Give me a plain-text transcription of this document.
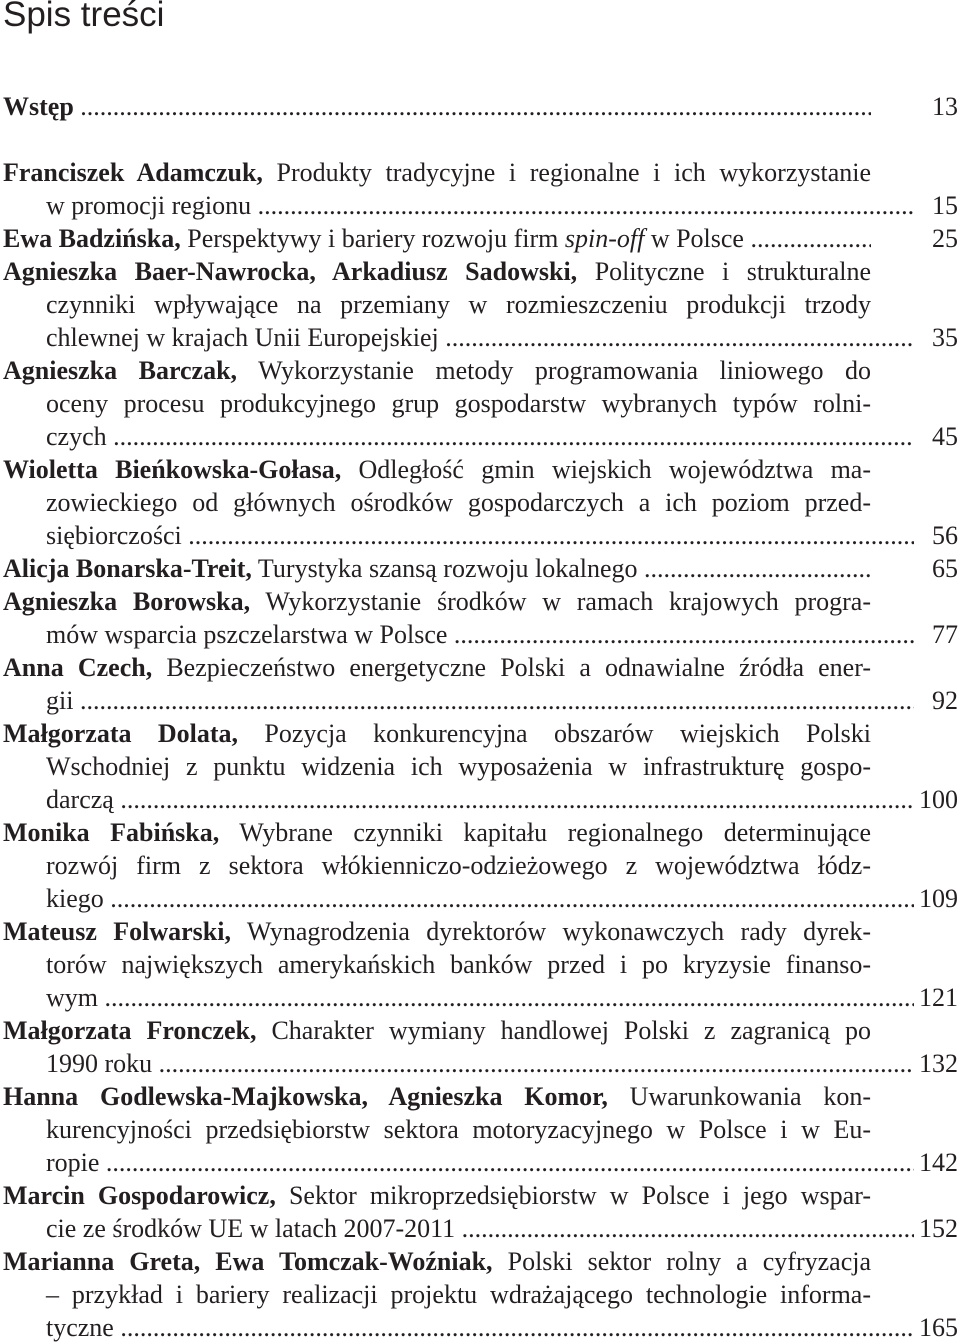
Spis treści
Wstęp .....	13
Franciszek Adamczuk, Produkty tradycyjne i regionalne i ich wykorzystanie
w promocji regionu .....	15
Ewa Badzińska, Perspektywy i bariery rozwoju firm spin-off w Polsce .....	25
Agnieszka Baer-Nawrocka, Arkadiusz Sadowski, Polityczne i strukturalne
czynniki wpływające na przemiany w rozmieszczeniu produkcji trzody
chlewnej w krajach Unii Europejskiej .....	35
Agnieszka Barczak, Wykorzystanie metody programowania liniowego do
oceny procesu produkcyjnego grup gospodarstw wybranych typów rolni-
czych .....	45
Wioletta Bieńkowska-Gołasa, Odległość gmin wiejskich województwa ma-
zowieckiego od głównych ośrodków gospodarczych a ich poziom przed-
siębiorczości .....	56
Alicja Bonarska-Treit, Turystyka szansą rozwoju lokalnego .....	65
Agnieszka Borowska, Wykorzystanie środków w ramach krajowych progra-
mów wsparcia pszczelarstwa w Polsce .....	77
Anna Czech, Bezpieczeństwo energetyczne Polski a odnawialne źródła ener-
gii .....	92
Małgorzata Dolata, Pozycja konkurencyjna obszarów wiejskich Polski
Wschodniej z punktu widzenia ich wyposażenia w infrastrukturę gospo-
darczą .....	100
Monika Fabińska, Wybrane czynniki kapitału regionalnego determinujące
rozwój firm z sektora włókienniczo-odzieżowego z województwa łódz-
kiego .....	109
Mateusz Folwarski, Wynagrodzenia dyrektorów wykonawczych rady dyrek-
torów największych amerykańskich banków przed i po kryzysie finanso-
wym .....	121
Małgorzata Fronczek, Charakter wymiany handlowej Polski z zagranicą po
1990 roku .....	132
Hanna Godlewska-Majkowska, Agnieszka Komor, Uwarunkowania kon-
kurencyjności przedsiębiorstw sektora motoryzacyjnego w Polsce i w Eu-
ropie .....	142
Marcin Gospodarowicz, Sektor mikroprzedsiębiorstw w Polsce i jego wspar-
cie ze środków UE w latach 2007-2011 .....	152
Marianna Greta, Ewa Tomczak-Woźniak, Polski sektor rolny a cyfryzacja
– przykład i bariery realizacji projektu wdrażającego technologie informa-
tyczne .....	165
